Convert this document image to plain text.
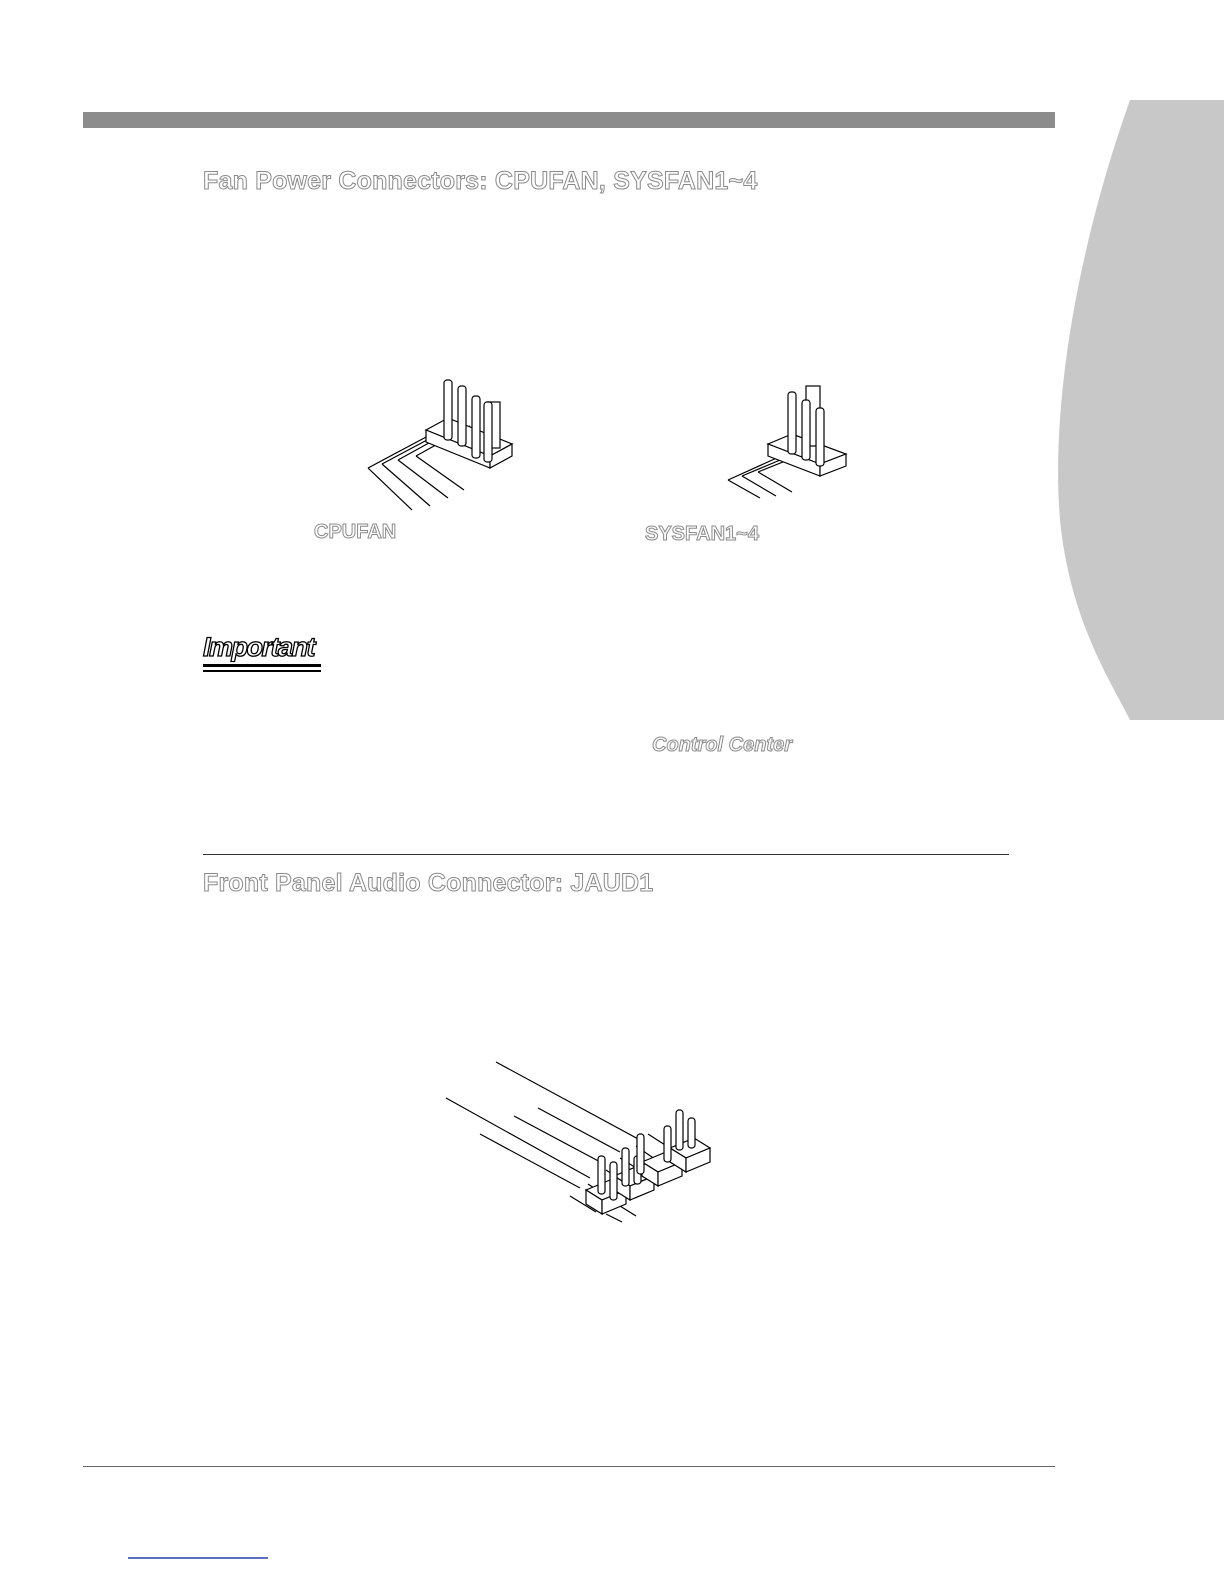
Fan Power Connectors: CPUFAN, SYSFAN1~4
CPUFAN	SYSFAN1~4
Important
Control Center
Front Panel Audio Connector: JAUD1
